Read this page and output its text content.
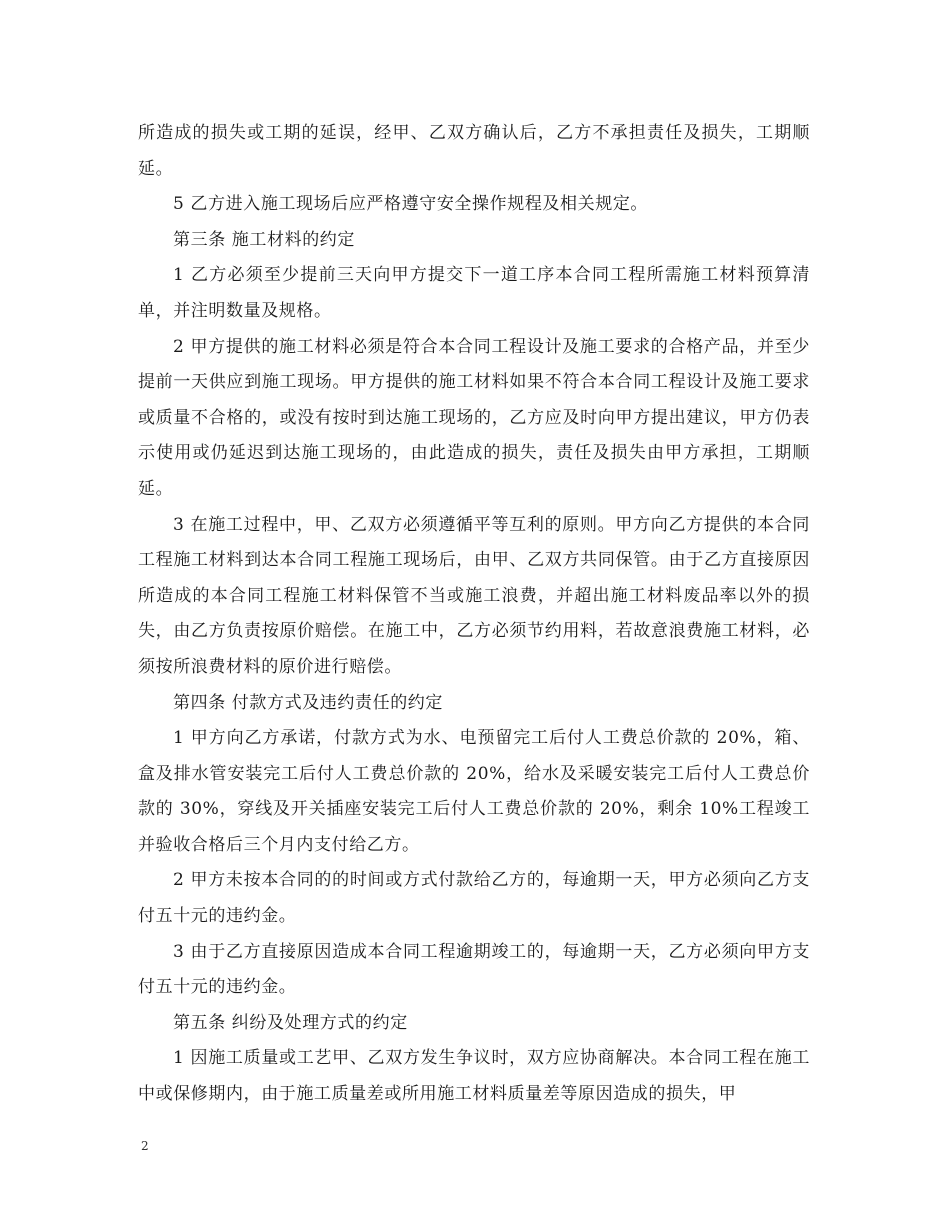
所造成的损失或工期的延误，经甲、乙双方确认后，乙方不承担责任及损失，工期顺延。

5 乙方进入施工现场后应严格遵守安全操作规程及相关规定。

第三条 施工材料的约定

1 乙方必须至少提前三天向甲方提交下一道工序本合同工程所需施工材料预算清单，并注明数量及规格。

2 甲方提供的施工材料必须是符合本合同工程设计及施工要求的合格产品，并至少提前一天供应到施工现场。甲方提供的施工材料如果不符合本合同工程设计及施工要求或质量不合格的，或没有按时到达施工现场的，乙方应及时向甲方提出建议，甲方仍表示使用或仍延迟到达施工现场的，由此造成的损失，责任及损失由甲方承担，工期顺延。

3 在施工过程中，甲、乙双方必须遵循平等互利的原则。甲方向乙方提供的本合同工程施工材料到达本合同工程施工现场后，由甲、乙双方共同保管。由于乙方直接原因所造成的本合同工程施工材料保管不当或施工浪费，并超出施工材料废品率以外的损失，由乙方负责按原价赔偿。在施工中，乙方必须节约用料，若故意浪费施工材料，必须按所浪费材料的原价进行赔偿。

第四条 付款方式及违约责任的约定

1 甲方向乙方承诺，付款方式为水、电预留完工后付人工费总价款的 20%，箱、盒及排水管安装完工后付人工费总价款的 20%，给水及采暖安装完工后付人工费总价款的 30%，穿线及开关插座安装完工后付人工费总价款的 20%，剩余 10%工程竣工并验收合格后三个月内支付给乙方。

2 甲方未按本合同的的时间或方式付款给乙方的，每逾期一天，甲方必须向乙方支付五十元的违约金。

3 由于乙方直接原因造成本合同工程逾期竣工的，每逾期一天，乙方必须向甲方支付五十元的违约金。

第五条 纠纷及处理方式的约定

1 因施工质量或工艺甲、乙双方发生争议时，双方应协商解决。本合同工程在施工中或保修期内，由于施工质量差或所用施工材料质量差等原因造成的损失，甲

2
